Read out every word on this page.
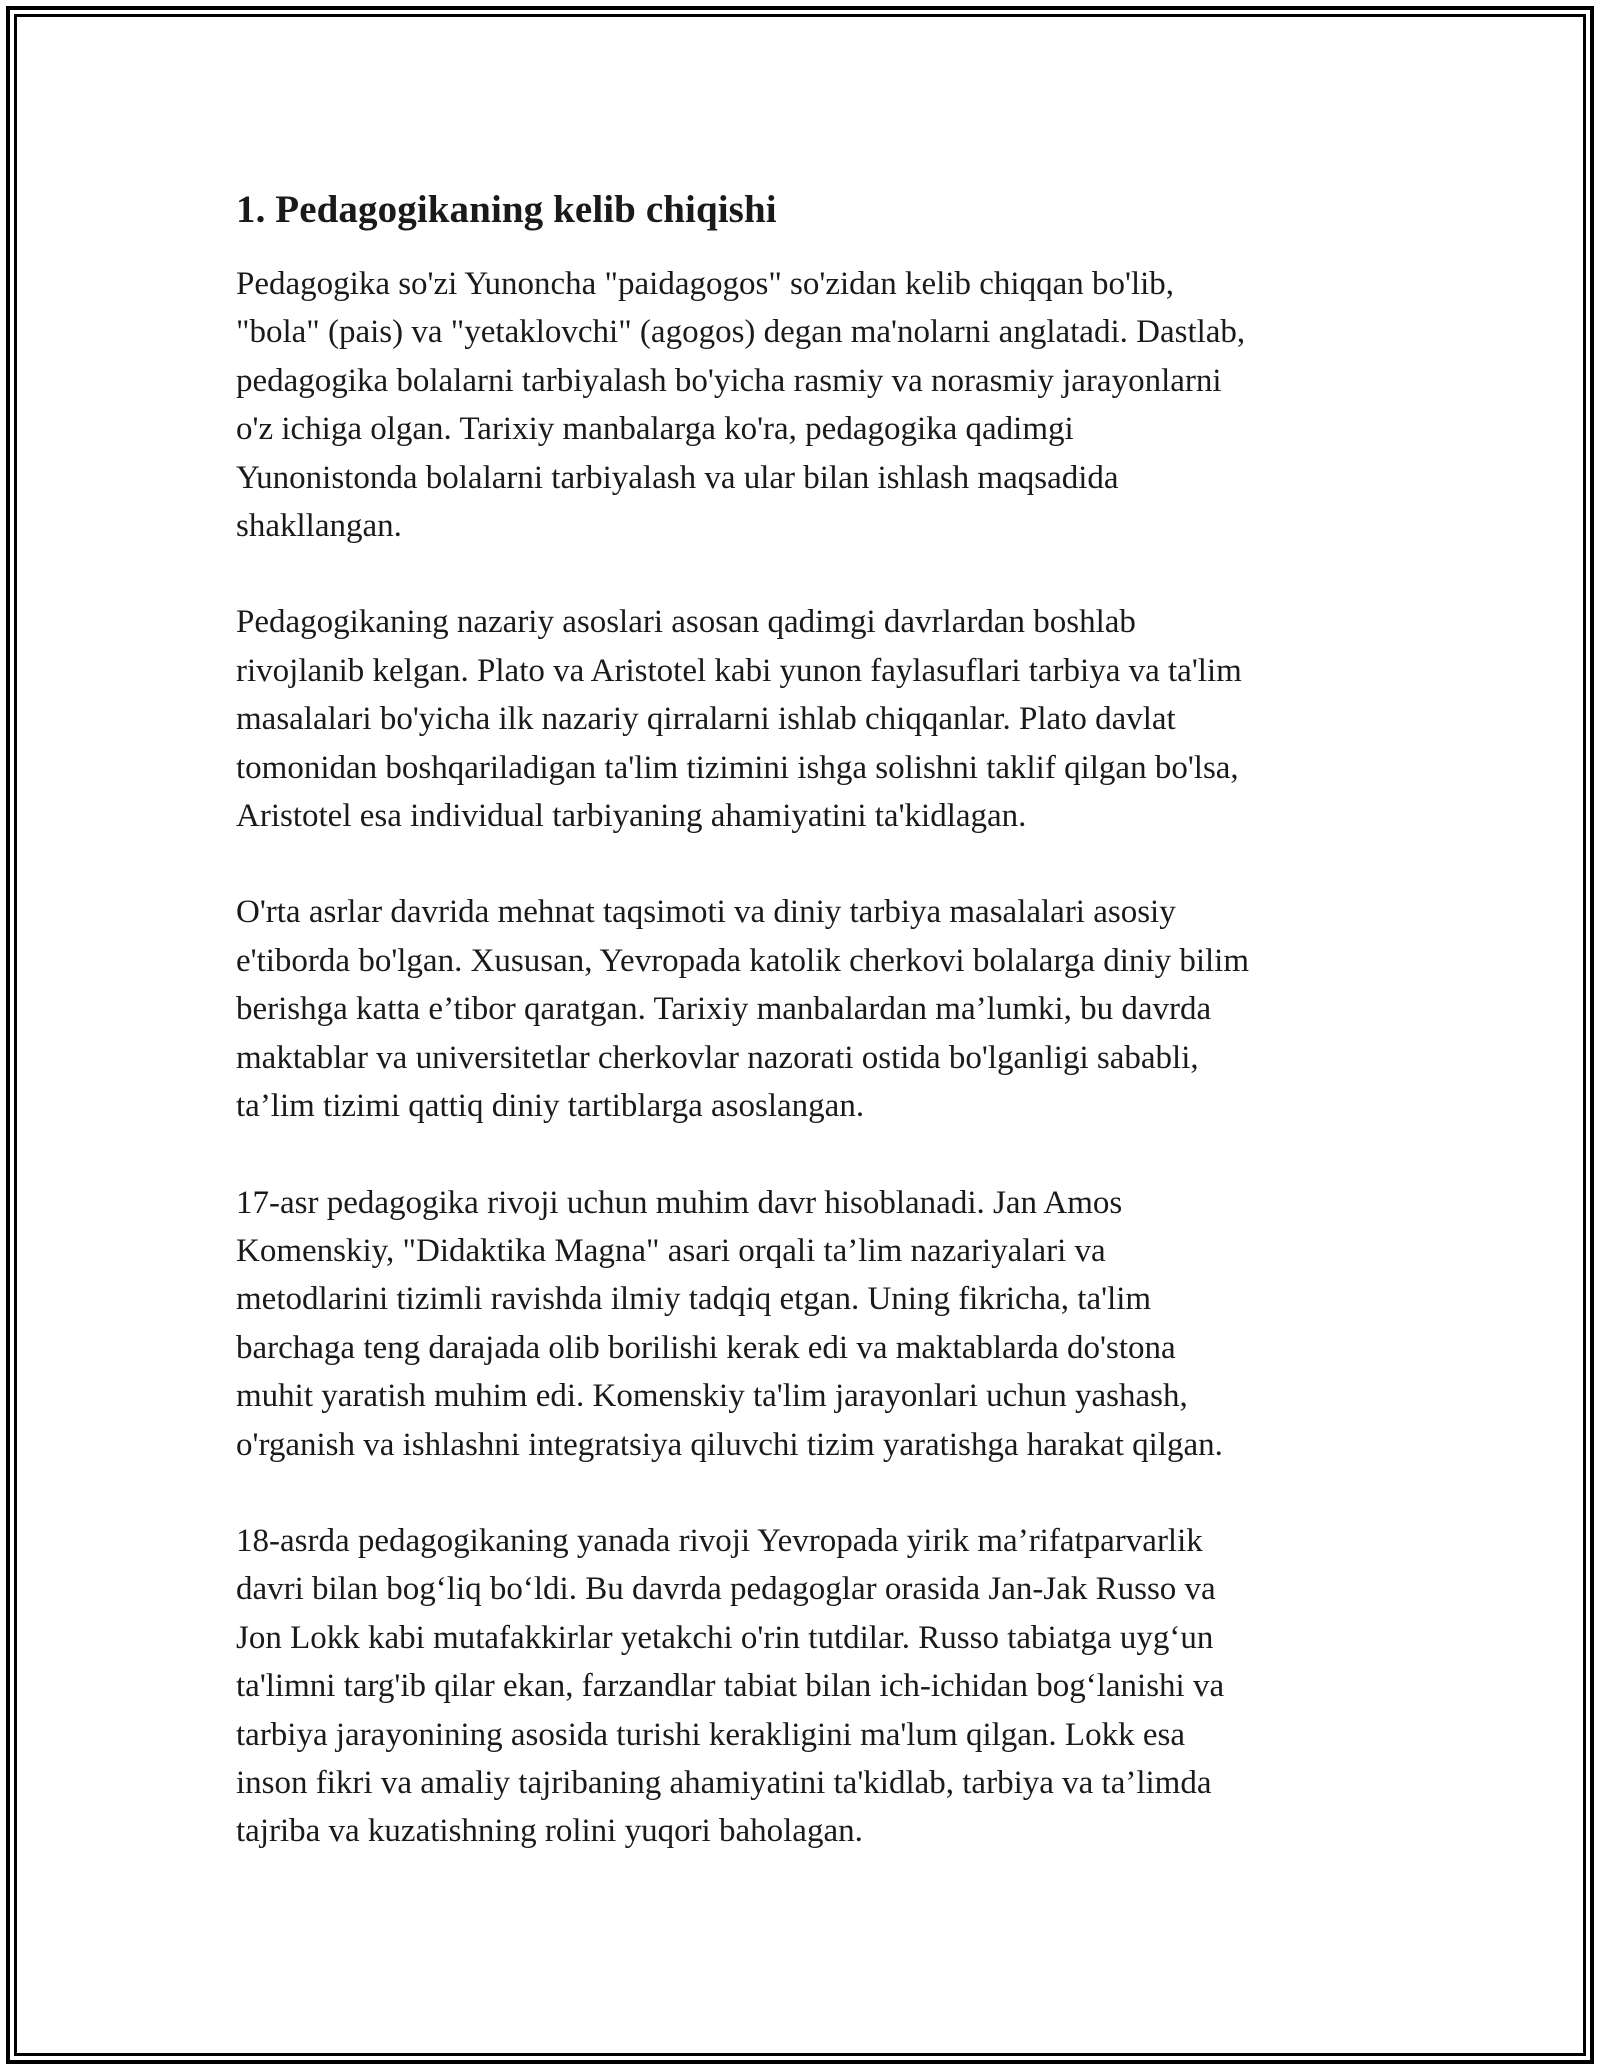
1. Pedagogikaning kelib chiqishi

Pedagogika so'zi Yunoncha "paidagogos" so'zidan kelib chiqqan bo'lib,
"bola" (pais) va "yetaklovchi" (agogos) degan ma'nolarni anglatadi. Dastlab,
pedagogika bolalarni tarbiyalash bo'yicha rasmiy va norasmiy jarayonlarni
o'z ichiga olgan. Tarixiy manbalarga ko'ra, pedagogika qadimgi
Yunonistonda bolalarni tarbiyalash va ular bilan ishlash maqsadida
shakllangan.

Pedagogikaning nazariy asoslari asosan qadimgi davrlardan boshlab
rivojlanib kelgan. Plato va Aristotel kabi yunon faylasuflari tarbiya va ta'lim
masalalari bo'yicha ilk nazariy qirralarni ishlab chiqqanlar. Plato davlat
tomonidan boshqariladigan ta'lim tizimini ishga solishni taklif qilgan bo'lsa,
Aristotel esa individual tarbiyaning ahamiyatini ta'kidlagan.

O'rta asrlar davrida mehnat taqsimoti va diniy tarbiya masalalari asosiy
e'tiborda bo'lgan. Xususan, Yevropada katolik cherkovi bolalarga diniy bilim
berishga katta e’tibor qaratgan. Tarixiy manbalardan ma’lumki, bu davrda
maktablar va universitetlar cherkovlar nazorati ostida bo'lganligi sababli,
ta’lim tizimi qattiq diniy tartiblarga asoslangan.

17-asr pedagogika rivoji uchun muhim davr hisoblanadi. Jan Amos
Komenskiy, "Didaktika Magna" asari orqali ta’lim nazariyalari va
metodlarini tizimli ravishda ilmiy tadqiq etgan. Uning fikricha, ta'lim
barchaga teng darajada olib borilishi kerak edi va maktablarda do'stona
muhit yaratish muhim edi. Komenskiy ta'lim jarayonlari uchun yashash,
o'rganish va ishlashni integratsiya qiluvchi tizim yaratishga harakat qilgan.

18-asrda pedagogikaning yanada rivoji Yevropada yirik ma’rifatparvarlik
davri bilan bog‘liq bo‘ldi. Bu davrda pedagoglar orasida Jan-Jak Russo va
Jon Lokk kabi mutafakkirlar yetakchi o'rin tutdilar. Russo tabiatga uyg‘un
ta'limni targ'ib qilar ekan, farzandlar tabiat bilan ich-ichidan bog‘lanishi va
tarbiya jarayonining asosida turishi kerakligini ma'lum qilgan. Lokk esa
inson fikri va amaliy tajribaning ahamiyatini ta'kidlab, tarbiya va ta’limda
tajriba va kuzatishning rolini yuqori baholagan.
